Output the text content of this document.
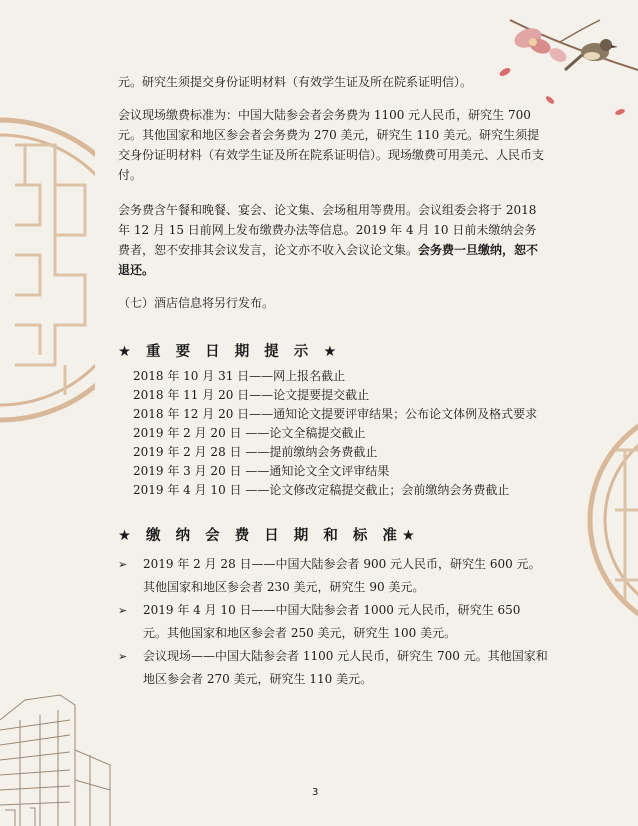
元。研究生须提交身份证明材料（有效学生证及所在院系证明信）。

会议现场缴费标准为：中国大陆参会者会务费为 1100 元人民币，研究生 700 元。其他国家和地区参会者会务费为 270 美元，研究生 110 美元。研究生须提交身份证明材料（有效学生证及所在院系证明信）。现场缴费可用美元、人民币支付。

会务费含午餐和晚餐、宴会、论文集、会场租用等费用。会议组委会将于 2018 年 12 月 15 日前网上发布缴费办法等信息。2019 年 4 月 10 日前未缴纳会务费者，恕不安排其会议发言，论文亦不收入会议论文集。会务费一旦缴纳，恕不退还。

（七）酒店信息将另行发布。

★ 重 要 日 期 提 示 ★
2018 年 10 月 31 日——网上报名截止
2018 年 11 月 20 日——论文提要提交截止
2018 年 12 月 20 日——通知论文提要评审结果；公布论文体例及格式要求
2019 年 2 月 20 日 ——论文全稿提交截止
2019 年 2 月 28 日 ——提前缴纳会务费截止
2019 年 3 月 20 日 ——通知论文全文评审结果
2019 年 4 月 10 日 ——论文修改定稿提交截止；会前缴纳会务费截止
★ 缴 纳 会 费 日 期 和 标 准★

➢ 2019 年 2 月 28 日——中国大陆参会者 900 元人民币，研究生 600 元。其他国家和地区参会者 230 美元，研究生 90 美元。

➢ 2019 年 4 月 10 日——中国大陆参会者 1000 元人民币，研究生 650 元。其他国家和地区参会者 250 美元，研究生 100 美元。

➢ 会议现场——中国大陆参会者 1100 元人民币，研究生 700 元。其他国家和地区参会者 270 美元，研究生 110 美元。

3
